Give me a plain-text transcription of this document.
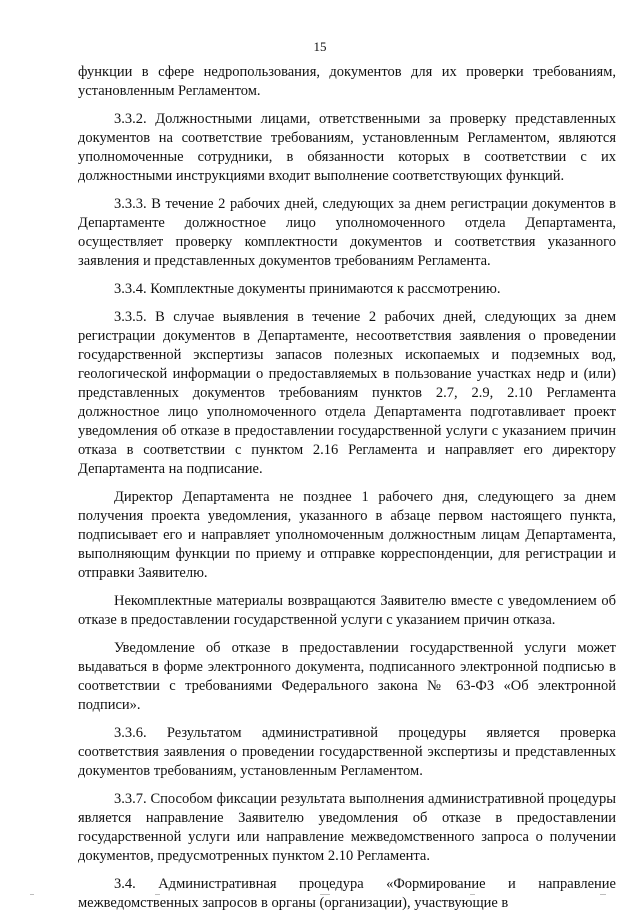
15

функции в сфере недропользования, документов для их проверки требованиям, установленным Регламентом.

3.3.2. Должностными лицами, ответственными за проверку представленных документов на соответствие требованиям, установленным Регламентом, являются уполномоченные сотрудники, в обязанности которых в соответствии с их должностными инструкциями входит выполнение соответствующих функций.

3.3.3. В течение 2 рабочих дней, следующих за днем регистрации документов в Департаменте должностное лицо уполномоченного отдела Департамента, осуществляет проверку комплектности документов и соответствия указанного заявления и представленных документов требованиям Регламента.

3.3.4. Комплектные документы принимаются к рассмотрению.

3.3.5. В случае выявления в течение 2 рабочих дней, следующих за днем регистрации документов в Департаменте, несоответствия заявления о проведении государственной экспертизы запасов полезных ископаемых и подземных вод, геологической информации о предоставляемых в пользование участках недр и (или) представленных документов требованиям пунктов 2.7, 2.9, 2.10 Регламента должностное лицо уполномоченного отдела Департамента подготавливает проект уведомления об отказе в предоставлении государственной услуги с указанием причин отказа в соответствии с пунктом 2.16 Регламента и направляет его директору Департамента на подписание.

Директор Департамента не позднее 1 рабочего дня, следующего за днем получения проекта уведомления, указанного в абзаце первом настоящего пункта, подписывает его и направляет уполномоченным должностным лицам Департамента, выполняющим функции по приему и отправке корреспонденции, для регистрации и отправки Заявителю.

Некомплектные материалы возвращаются Заявителю вместе с уведомлением об отказе в предоставлении государственной услуги с указанием причин отказа.

Уведомление об отказе в предоставлении государственной услуги может выдаваться в форме электронного документа, подписанного электронной подписью в соответствии с требованиями Федерального закона № 63-ФЗ «Об электронной подписи».

3.3.6. Результатом административной процедуры является проверка соответствия заявления о проведении государственной экспертизы и представленных документов требованиям, установленным Регламентом.

3.3.7. Способом фиксации результата выполнения административной процедуры является направление Заявителю уведомления об отказе в предоставлении государственной услуги или направление межведомственного запроса о получении документов, предусмотренных пунктом 2.10 Регламента.

3.4. Административная процедура «Формирование и направление межведомственных запросов в органы (организации), участвующие в
